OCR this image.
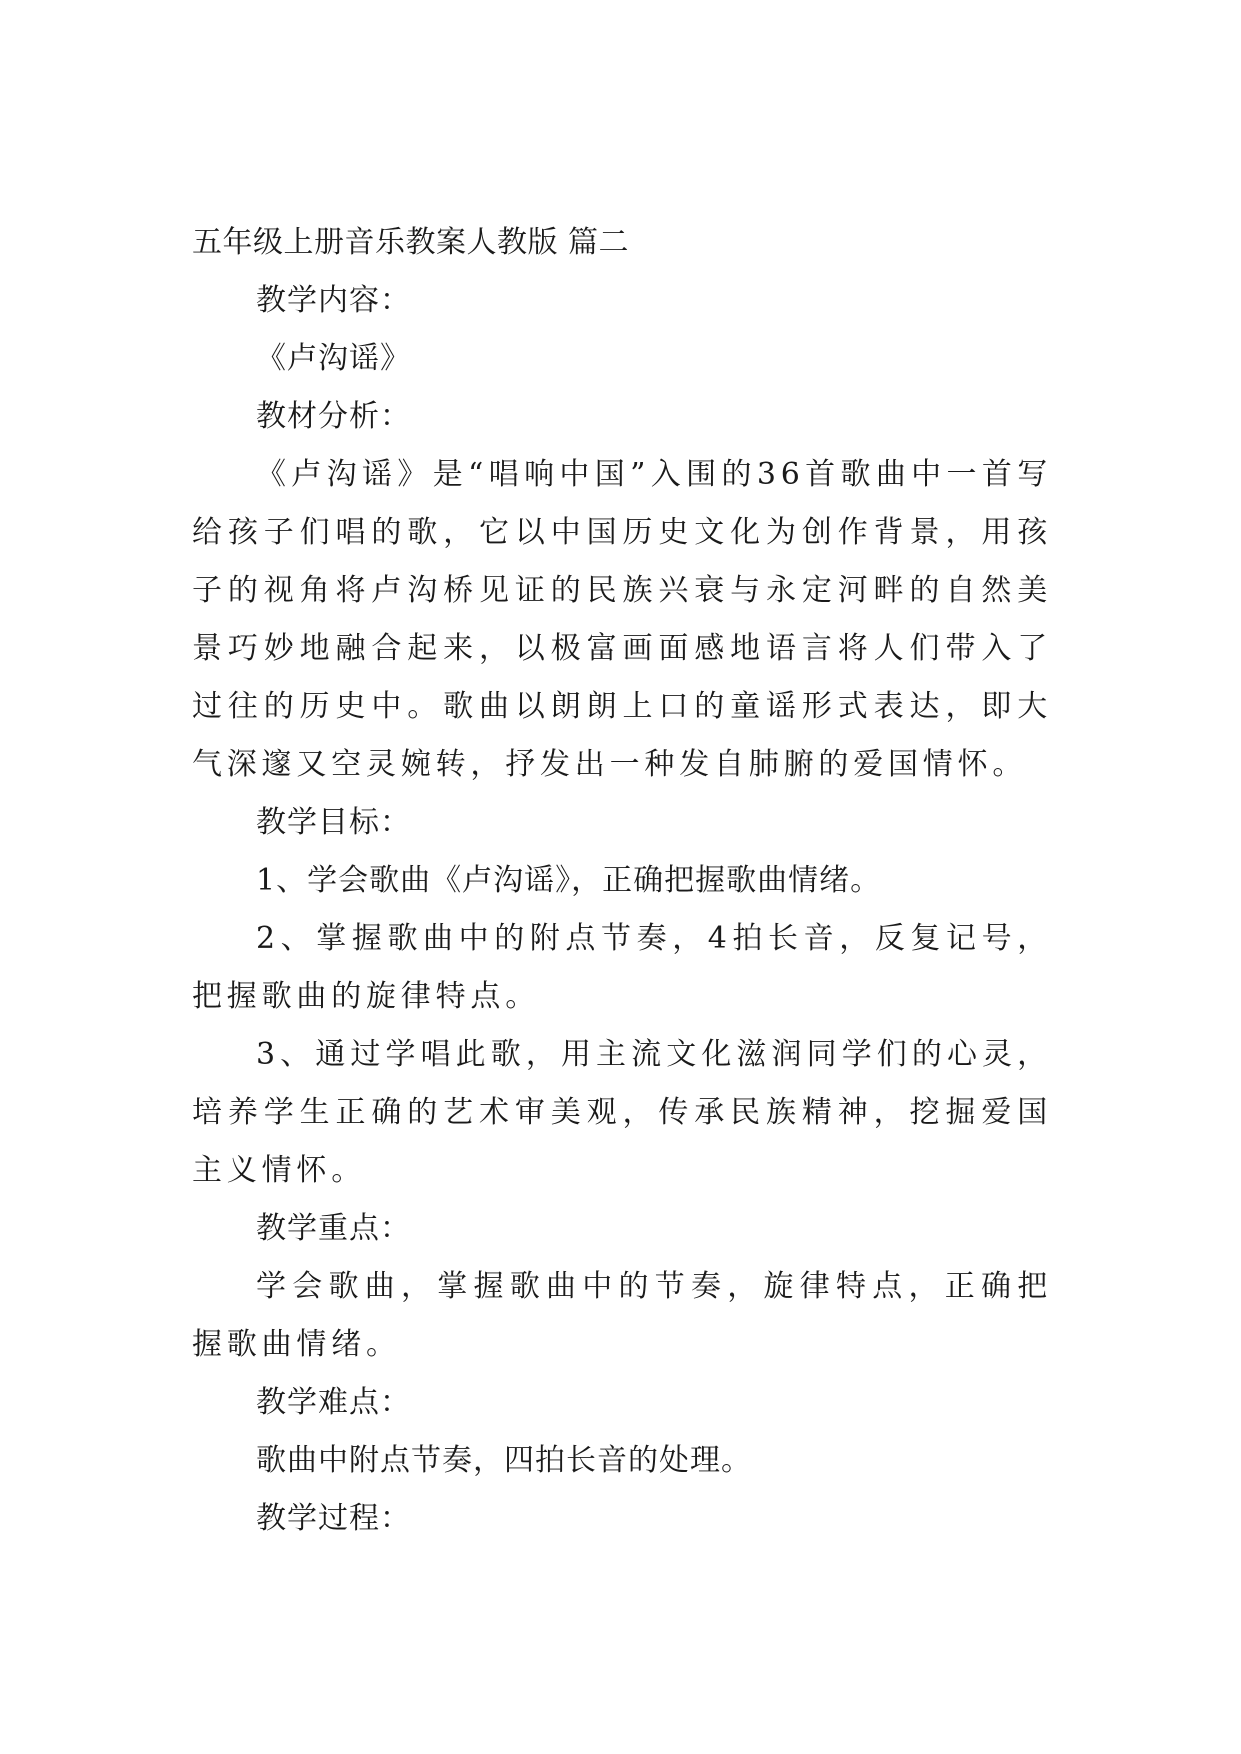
五年级上册音乐教案人教版 篇二

教学内容：

《卢沟谣》

教材分析：

《卢沟谣》是“唱响中国”入围的36首歌曲中一首写给孩子们唱的歌，它以中国历史文化为创作背景，用孩子的视角将卢沟桥见证的民族兴衰与永定河畔的自然美景巧妙地融合起来，以极富画面感地语言将人们带入了过往的历史中。歌曲以朗朗上口的童谣形式表达，即大气深邃又空灵婉转，抒发出一种发自肺腑的爱国情怀。

教学目标：

1、学会歌曲《卢沟谣》，正确把握歌曲情绪。

2、掌握歌曲中的附点节奏，4拍长音，反复记号，把握歌曲的旋律特点。

3、通过学唱此歌，用主流文化滋润同学们的心灵，培养学生正确的艺术审美观，传承民族精神，挖掘爱国主义情怀。

教学重点：

学会歌曲，掌握歌曲中的节奏，旋律特点，正确把握歌曲情绪。

教学难点：

歌曲中附点节奏，四拍长音的处理。

教学过程：
